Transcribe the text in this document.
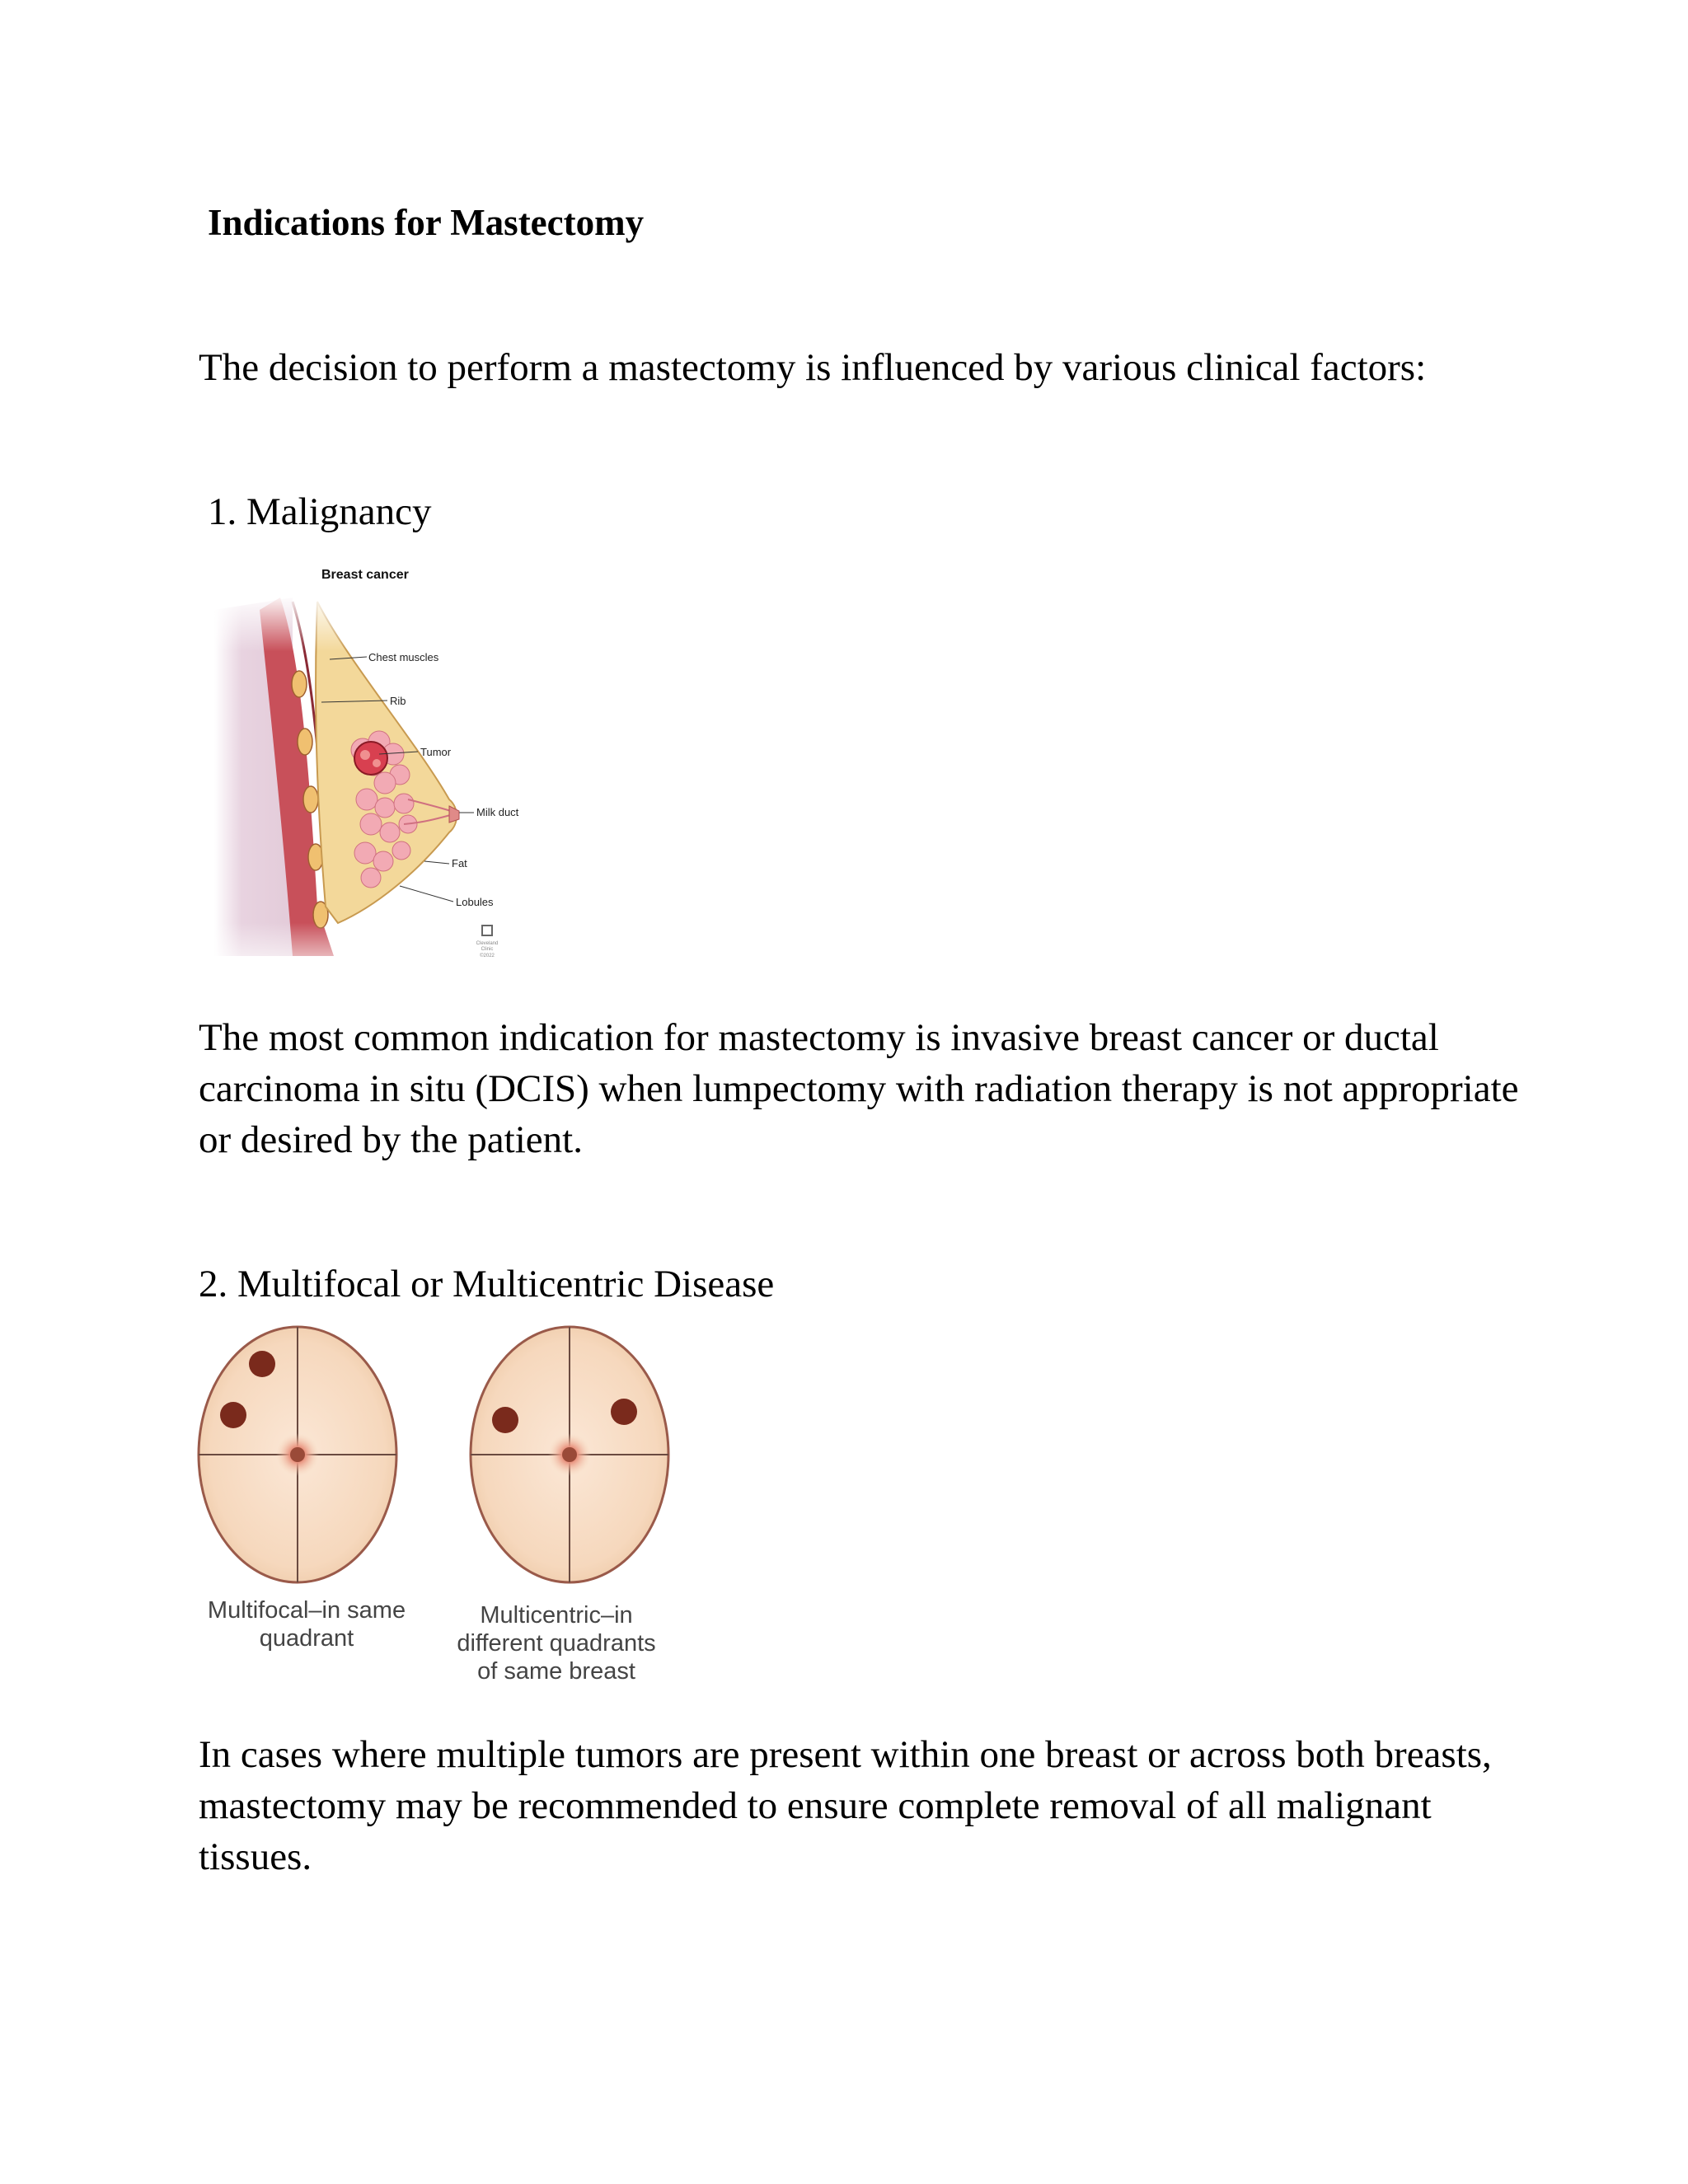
Indications for Mastectomy

The decision to perform a mastectomy is influenced by various clinical factors:

1. Malignancy

Breast cancer
Chest muscles
Rib
Tumor
Milk duct
Fat
Lobules
Cleveland
Clinic
©2022

The most common indication for mastectomy is invasive breast cancer or ductal carcinoma in situ (DCIS) when lumpectomy with radiation therapy is not appropriate or desired by the patient.

2. Multifocal or Multicentric Disease

Multifocal–in same
quadrant
Multicentric–in
different quadrants
of same breast

In cases where multiple tumors are present within one breast or across both breasts, mastectomy may be recommended to ensure complete removal of all malignant tissues.
